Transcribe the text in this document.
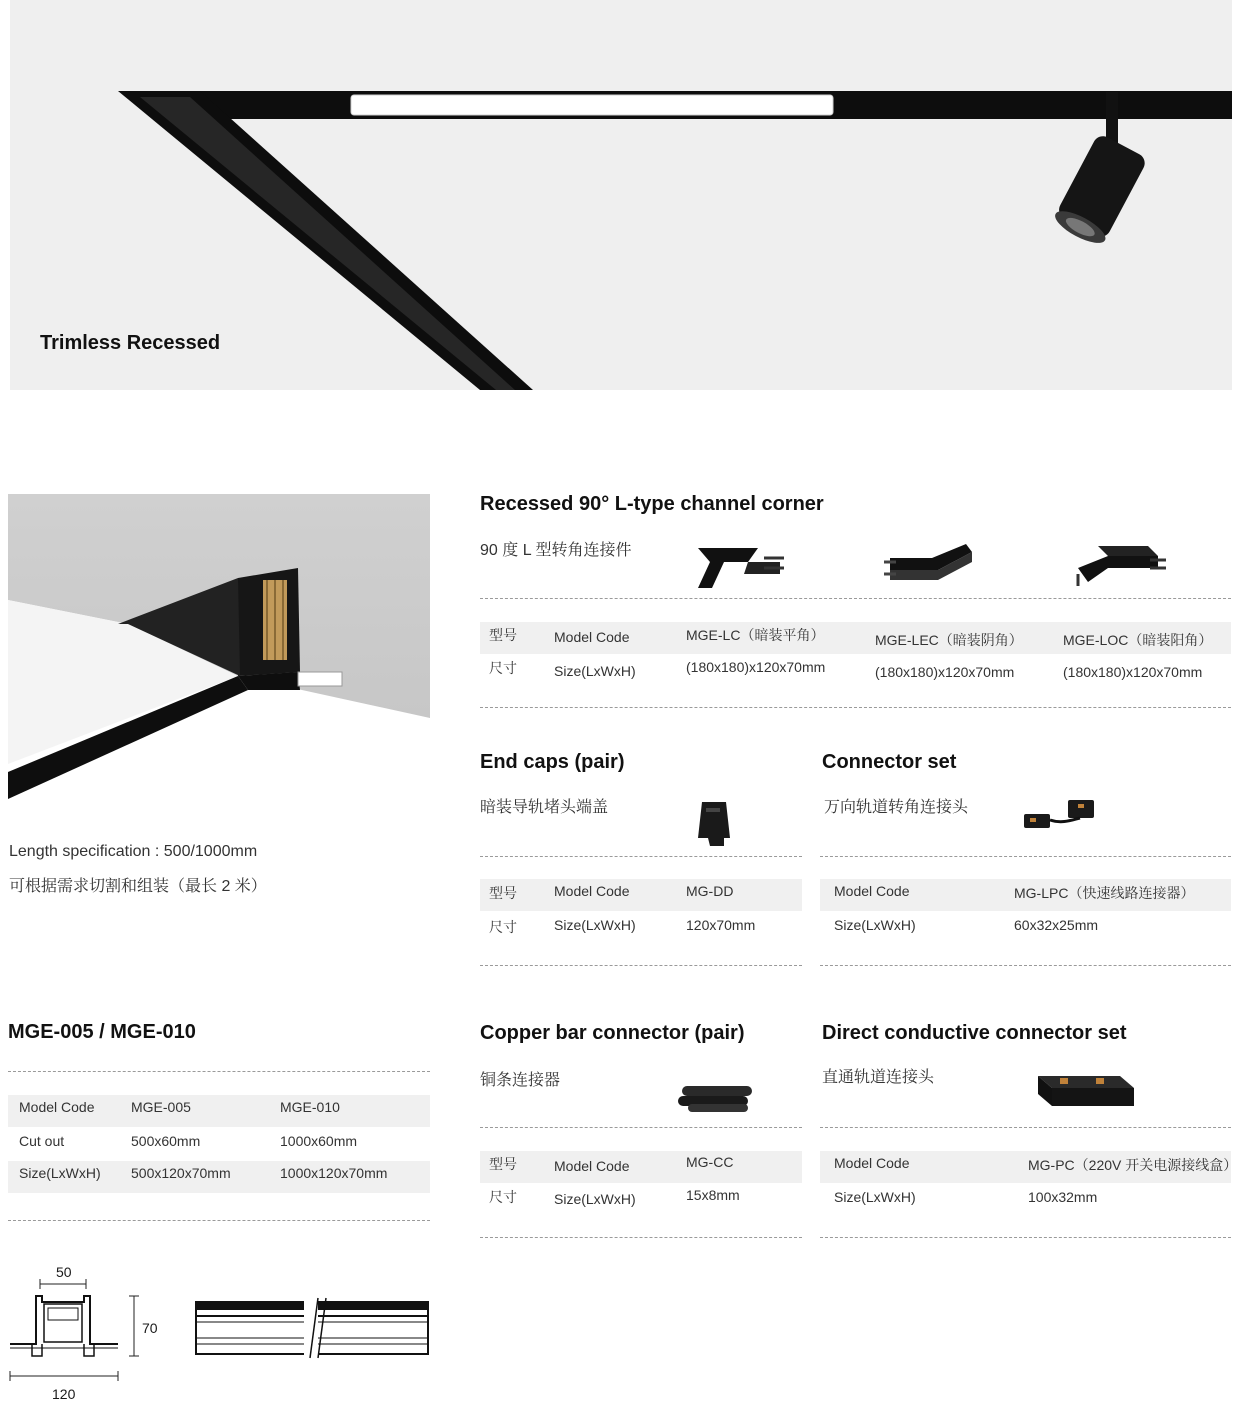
Trimless Recessed
Length specification : 500/1000mm
可根据需求切割和组装（最长 2 米）
Recessed 90° L-type channel corner
90 度 L 型转角连接件
型号	Model Code	MGE-LC（暗装平角）	MGE-LEC（暗装阴角）	MGE-LOC（暗装阳角）
尺寸	Size(LxWxH)	(180x180)x120x70mm	(180x180)x120x70mm	(180x180)x120x70mm
End caps (pair)
暗装导轨堵头端盖
型号	Model Code	MG-DD
尺寸	Size(LxWxH)	120x70mm
Connector set
万向轨道转角连接头
Model Code	MG-LPC（快速线路连接器）
Size(LxWxH)	60x32x25mm
MGE-005 / MGE-010
Model Code	MGE-005	MGE-010
Cut out	500x60mm	1000x60mm
Size(LxWxH) 500x120x70mm	1000x120x70mm
Copper bar connector (pair)
铜条连接器
型号	Model Code	MG-CC
尺寸	Size(LxWxH)	15x8mm
Direct conductive connector set
直通轨道连接头
Model Code	MG-PC（220V 开关电源接线盒）
Size(LxWxH)	100x32mm
50
70
120
